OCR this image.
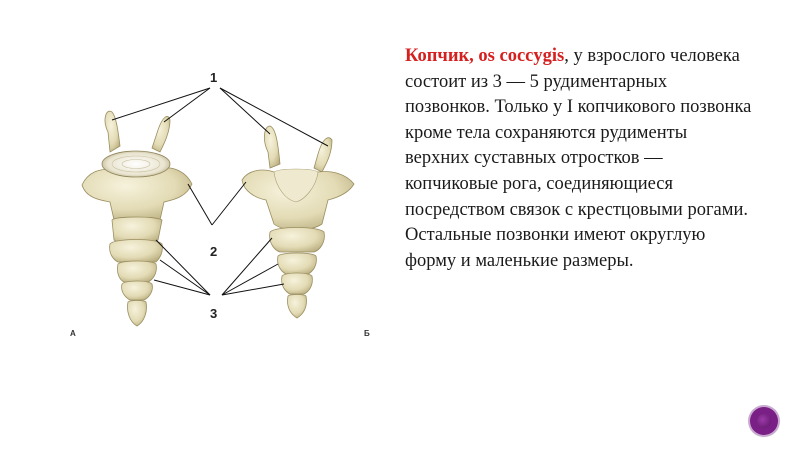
1
2
3
А	Б
Копчик, os coccygis, у взрослого человека состоит из 3 — 5 рудиментарных позвонков. Только у I копчикового позвонка кроме тела сохраняются рудименты верхних суставных отростков — копчиковые рога, соединяющиеся посредством связок с крестцовыми рогами. Остальные позвонки имеют округлую форму и маленькие размеры.
